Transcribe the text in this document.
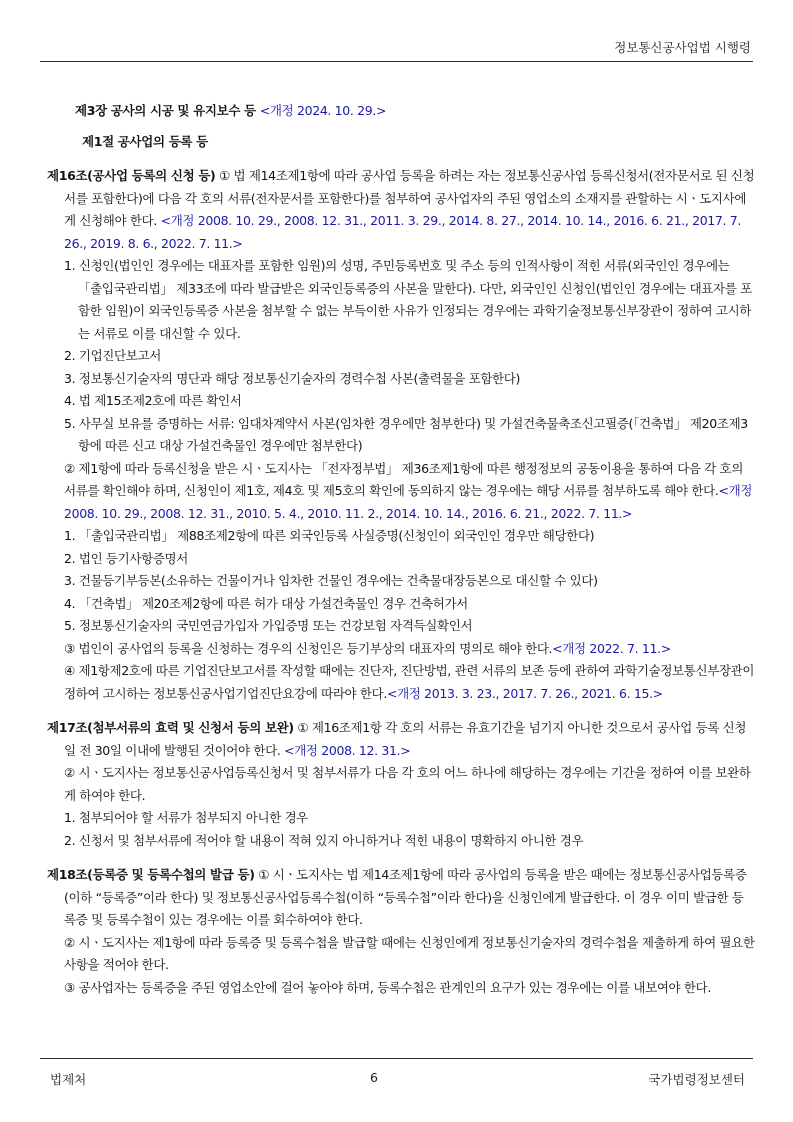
정보통신공사업법 시행령

제3장 공사의 시공 및 유지보수 등 <개정 2024. 10. 29.>

제1절 공사업의 등록 등

제16조(공사업 등록의 신청 등) ① 법 제14조제1항에 따라 공사업 등록을 하려는 자는 정보통신공사업 등록신청서(전자문서로 된 신청서를 포함한다)에 다음 각 호의 서류(전자문서를 포함한다)를 첨부하여 공사업자의 주된 영업소의 소재지를 관할하는 시ㆍ도지사에게 신청해야 한다. <개정 2008. 10. 29., 2008. 12. 31., 2011. 3. 29., 2014. 8. 27., 2014. 10. 14., 2016. 6. 21., 2017. 7. 26., 2019. 8. 6., 2022. 7. 11.>

1. 신청인(법인인 경우에는 대표자를 포함한 임원)의 성명, 주민등록번호 및 주소 등의 인적사항이 적힌 서류(외국인인 경우에는 「출입국관리법」 제33조에 따라 발급받은 외국인등록증의 사본을 말한다). 다만, 외국인인 신청인(법인인 경우에는 대표자를 포함한 임원)이 외국인등록증 사본을 첨부할 수 없는 부득이한 사유가 인정되는 경우에는 과학기술정보통신부장관이 정하여 고시하는 서류로 이를 대신할 수 있다.

2. 기업진단보고서

3. 정보통신기술자의 명단과 해당 정보통신기술자의 경력수첩 사본(출력물을 포함한다)

4. 법 제15조제2호에 따른 확인서

5. 사무실 보유를 증명하는 서류: 임대차계약서 사본(임차한 경우에만 첨부한다) 및 가설건축물축조신고필증(「건축법」 제20조제3항에 따른 신고 대상 가설건축물인 경우에만 첨부한다)

② 제1항에 따라 등록신청을 받은 시ㆍ도지사는 「전자정부법」 제36조제1항에 따른 행정정보의 공동이용을 통하여 다음 각 호의 서류를 확인해야 하며, 신청인이 제1호, 제4호 및 제5호의 확인에 동의하지 않는 경우에는 해당 서류를 첨부하도록 해야 한다.<개정 2008. 10. 29., 2008. 12. 31., 2010. 5. 4., 2010. 11. 2., 2014. 10. 14., 2016. 6. 21., 2022. 7. 11.>

1. 「출입국관리법」 제88조제2항에 따른 외국인등록 사실증명(신청인이 외국인인 경우만 해당한다)

2. 법인 등기사항증명서

3. 건물등기부등본(소유하는 건물이거나 임차한 건물인 경우에는 건축물대장등본으로 대신할 수 있다)

4. 「건축법」 제20조제2항에 따른 허가 대상 가설건축물인 경우 건축허가서

5. 정보통신기술자의 국민연금가입자 가입증명 또는 건강보험 자격득실확인서

③ 법인이 공사업의 등록을 신청하는 경우의 신청인은 등기부상의 대표자의 명의로 해야 한다.<개정 2022. 7. 11.>

④ 제1항제2호에 따른 기업진단보고서를 작성할 때에는 진단자, 진단방법, 관련 서류의 보존 등에 관하여 과학기술정보통신부장관이 정하여 고시하는 정보통신공사업기업진단요강에 따라야 한다.<개정 2013. 3. 23., 2017. 7. 26., 2021. 6. 15.>

제17조(첨부서류의 효력 및 신청서 등의 보완) ① 제16조제1항 각 호의 서류는 유효기간을 넘기지 아니한 것으로서 공사업 등록 신청일 전 30일 이내에 발행된 것이어야 한다. <개정 2008. 12. 31.>

② 시ㆍ도지사는 정보통신공사업등록신청서 및 첨부서류가 다음 각 호의 어느 하나에 해당하는 경우에는 기간을 정하여 이를 보완하게 하여야 한다.

1. 첨부되어야 할 서류가 첨부되지 아니한 경우

2. 신청서 및 첨부서류에 적어야 할 내용이 적혀 있지 아니하거나 적힌 내용이 명확하지 아니한 경우

제18조(등록증 및 등록수첩의 발급 등) ① 시ㆍ도지사는 법 제14조제1항에 따라 공사업의 등록을 받은 때에는 정보통신공사업등록증(이하 “등록증”이라 한다) 및 정보통신공사업등록수첩(이하 “등록수첩”이라 한다)을 신청인에게 발급한다. 이 경우 이미 발급한 등록증 및 등록수첩이 있는 경우에는 이를 회수하여야 한다.

② 시ㆍ도지사는 제1항에 따라 등록증 및 등록수첩을 발급할 때에는 신청인에게 정보통신기술자의 경력수첩을 제출하게 하여 필요한 사항을 적어야 한다.

③ 공사업자는 등록증을 주된 영업소안에 걸어 놓아야 하며, 등록수첩은 관계인의 요구가 있는 경우에는 이를 내보여야 한다.

법제처	6	국가법령정보센터
